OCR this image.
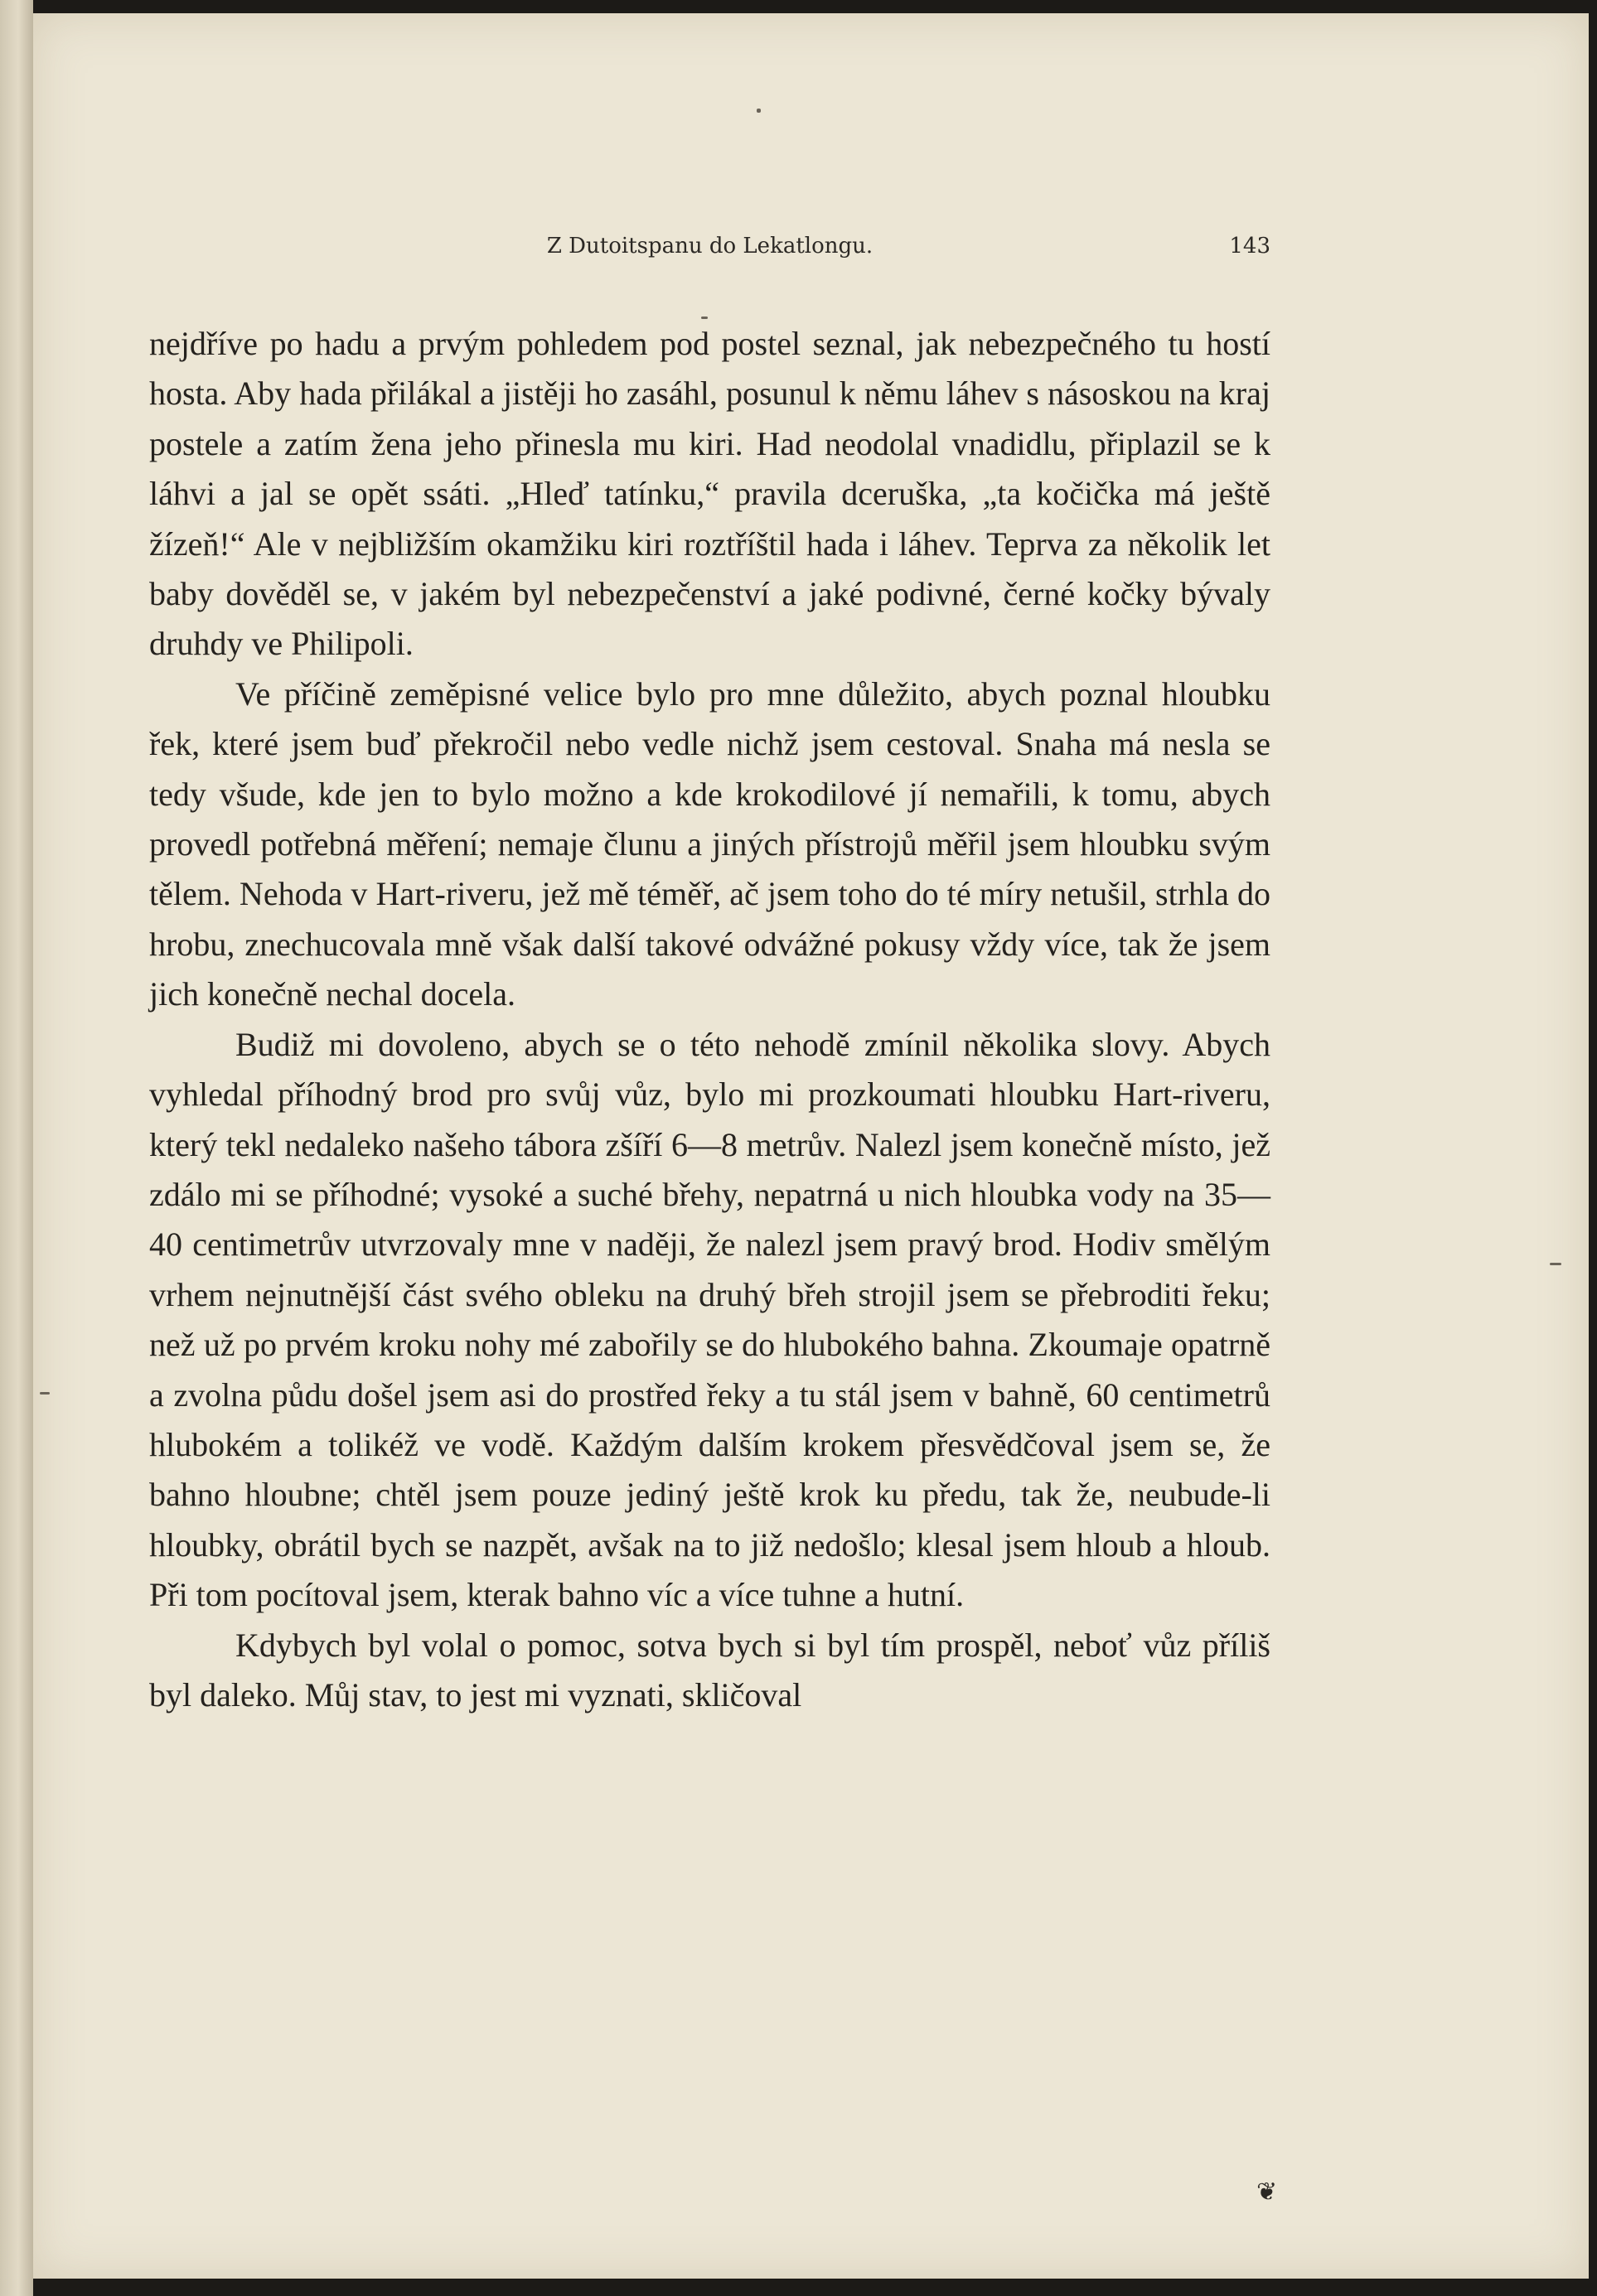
Z Dutoitspanu do Lekatlongu.	143

nejdříve po hadu a prvým pohledem pod postel seznal, jak nebezpečného tu hostí hosta. Aby hada přilákal a jistěji ho zasáhl, posunul k němu láhev s násoskou na kraj postele a zatím žena jeho přinesla mu kiri. Had neodolal vnadidlu, připlazil se k láhvi a jal se opět ssáti. „Hleď tatínku,“ pravila dceruška, „ta kočička má ještě žízeň!“ Ale v nejbližším okamžiku kiri roztříštil hada i láhev. Teprva za několik let baby dověděl se, v jakém byl nebezpečenství a jaké podivné, černé kočky bývaly druhdy ve Philipoli.

Ve příčině zeměpisné velice bylo pro mne důležito, abych poznal hloubku řek, které jsem buď překročil nebo vedle nichž jsem cestoval. Snaha má nesla se tedy všude, kde jen to bylo možno a kde krokodilové jí nemařili, k tomu, abych provedl potřebná měření; nemaje člunu a jiných přístrojů měřil jsem hloubku svým tělem. Nehoda v Hart-riveru, jež mě téměř, ač jsem toho do té míry netušil, strhla do hrobu, znechucovala mně však další takové odvážné pokusy vždy více, tak že jsem jich konečně nechal docela.

Budiž mi dovoleno, abych se o této nehodě zmínil několika slovy. Abych vyhledal příhodný brod pro svůj vůz, bylo mi prozkoumati hloubku Hart-riveru, který tekl nedaleko našeho tábora zšíří 6—8 metrův. Nalezl jsem konečně místo, jež zdálo mi se příhodné; vysoké a suché břehy, nepatrná u nich hloubka vody na 35—40 centimetrův utvrzovaly mne v naději, že nalezl jsem pravý brod. Hodiv smělým vrhem nejnutnější část svého obleku na druhý břeh strojil jsem se přebroditi řeku; než už po prvém kroku nohy mé zabořily se do hlubokého bahna. Zkoumaje opatrně a zvolna půdu došel jsem asi do prostřed řeky a tu stál jsem v bahně, 60 centimetrů hlubokém a tolikéž ve vodě. Každým dalším krokem přesvědčoval jsem se, že bahno hloubne; chtěl jsem pouze jediný ještě krok ku předu, tak že, neubude-li hloubky, obrátil bych se nazpět, avšak na to již nedošlo; klesal jsem hloub a hloub. Při tom pocítoval jsem, kterak bahno víc a více tuhne a hutní.

Kdybych byl volal o pomoc, sotva bych si byl tím prospěl, neboť vůz příliš byl daleko. Můj stav, to jest mi vyznati, skličoval

❦
